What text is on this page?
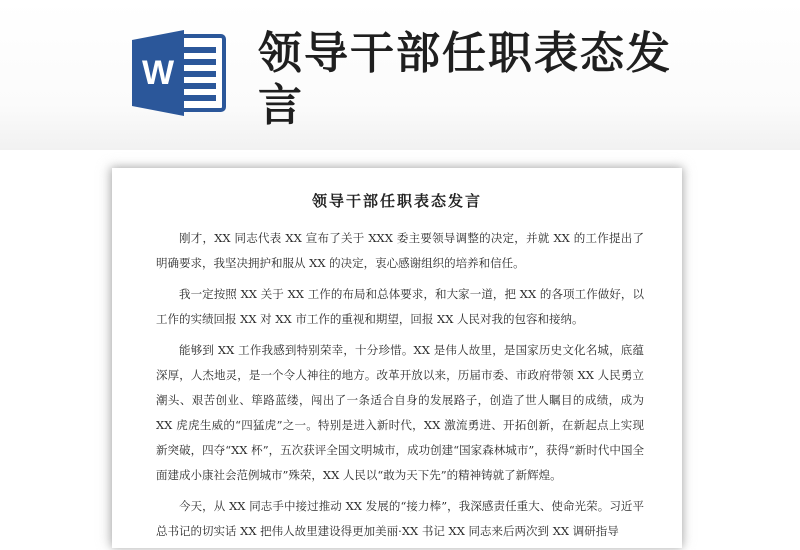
W 领导干部任职表态发言
领导干部任职表态发言

刚才，XX 同志代表 XX 宣布了关于 XXX 委主要领导调整的决定，并就 XX 的工作提出了明确要求，我坚决拥护和服从 XX 的决定，衷心感谢组织的培养和信任。

我一定按照 XX 关于 XX 工作的布局和总体要求，和大家一道，把 XX 的各项工作做好，以工作的实绩回报 XX 对 XX 市工作的重视和期望，回报 XX 人民对我的包容和接纳。

能够到 XX 工作我感到特别荣幸，十分珍惜。XX 是伟人故里，是国家历史文化名城，底蕴深厚，人杰地灵，是一个令人神往的地方。改革开放以来，历届市委、市政府带领 XX 人民勇立潮头、艰苦创业、筚路蓝缕，闯出了一条适合自身的发展路子，创造了世人瞩目的成绩，成为 XX 虎虎生威的“四猛虎”之一。特别是进入新时代，XX 激流勇进、开拓创新，在新起点上实现新突破，四夺“XX 杯”，五次获评全国文明城市，成功创建“国家森林城市”，获得“新时代中国全面建成小康社会范例城市”殊荣，XX 人民以“敢为天下先”的精神铸就了新辉煌。

今天，从 XX 同志手中接过推动 XX 发展的“接力棒”，我深感责任重大、使命光荣。习近平总书记的切实话 XX 把伟人故里建设得更加美丽·XX 书记 XX 同志来后两次到 XX 调研指导
